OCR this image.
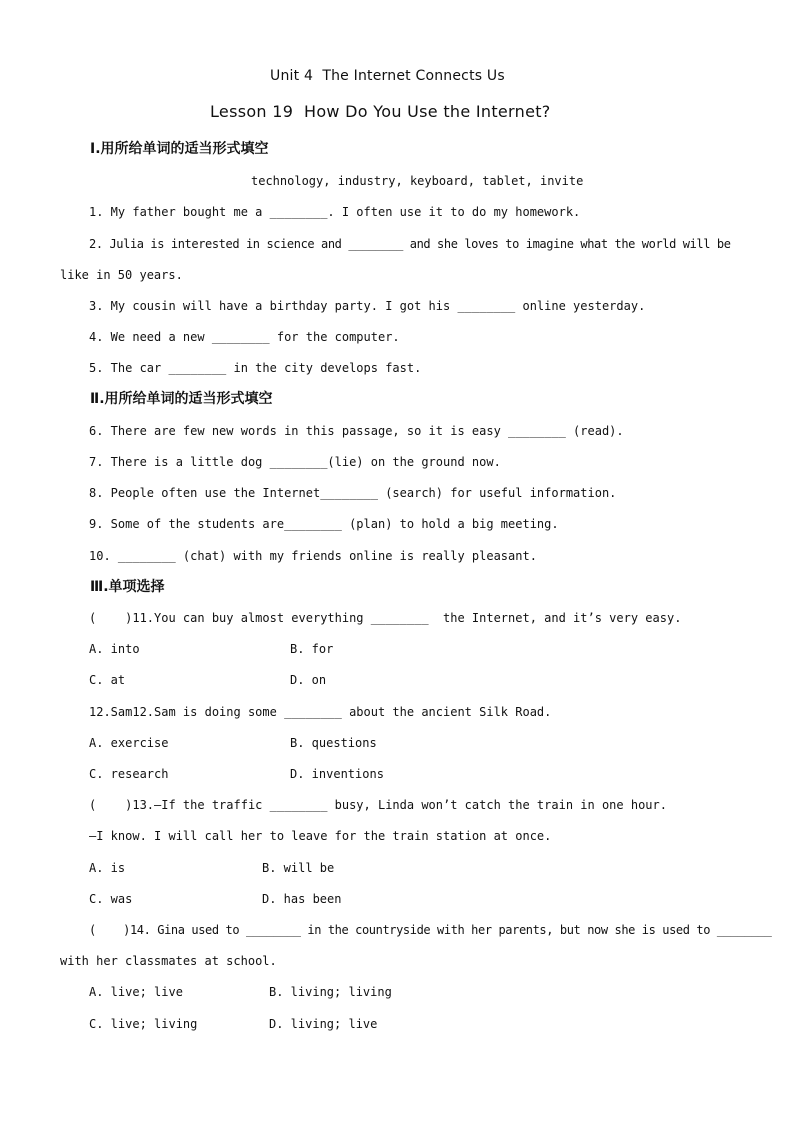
Unit 4  The Internet Connects Us
Lesson 19  How Do You Use the Internet?
Ⅰ.用所给单词的适当形式填空
technology, industry, keyboard, tablet, invite
1. My father bought me a ________. I often use it to do my homework.
2. Julia is interested in science and ________ and she loves to imagine what the world will be
like in 50 years.
3. My cousin will have a birthday party. I got his ________ online yesterday.
4. We need a new ________ for the computer.
5. The car ________ in the city develops fast.
Ⅱ.用所给单词的适当形式填空
6. There are few new words in this passage, so it is easy ________ (read).
7. There is a little dog ________(lie) on the ground now.
8. People often use the Internet________ (search) for useful information.
9. Some of the students are________ (plan) to hold a big meeting.
10. ________ (chat) with my friends online is really pleasant.
Ⅲ.单项选择
(    )11.You can buy almost everything ________  the Internet, and it’s very easy.
A. into	B. for
C. at	D. on
12.Sam12.Sam is doing some ________ about the ancient Silk Road.
A. exercise	B. questions
C. research	D. inventions
(    )13.—If the traffic ________ busy, Linda won’t catch the train in one hour.
—I know. I will call her to leave for the train station at once.
A. is	B. will be
C. was	D. has been
(    )14. Gina used to ________ in the countryside with her parents, but now she is used to ________
with her classmates at school.
A. live; live	B. living; living
C. live; living	D. living; live
